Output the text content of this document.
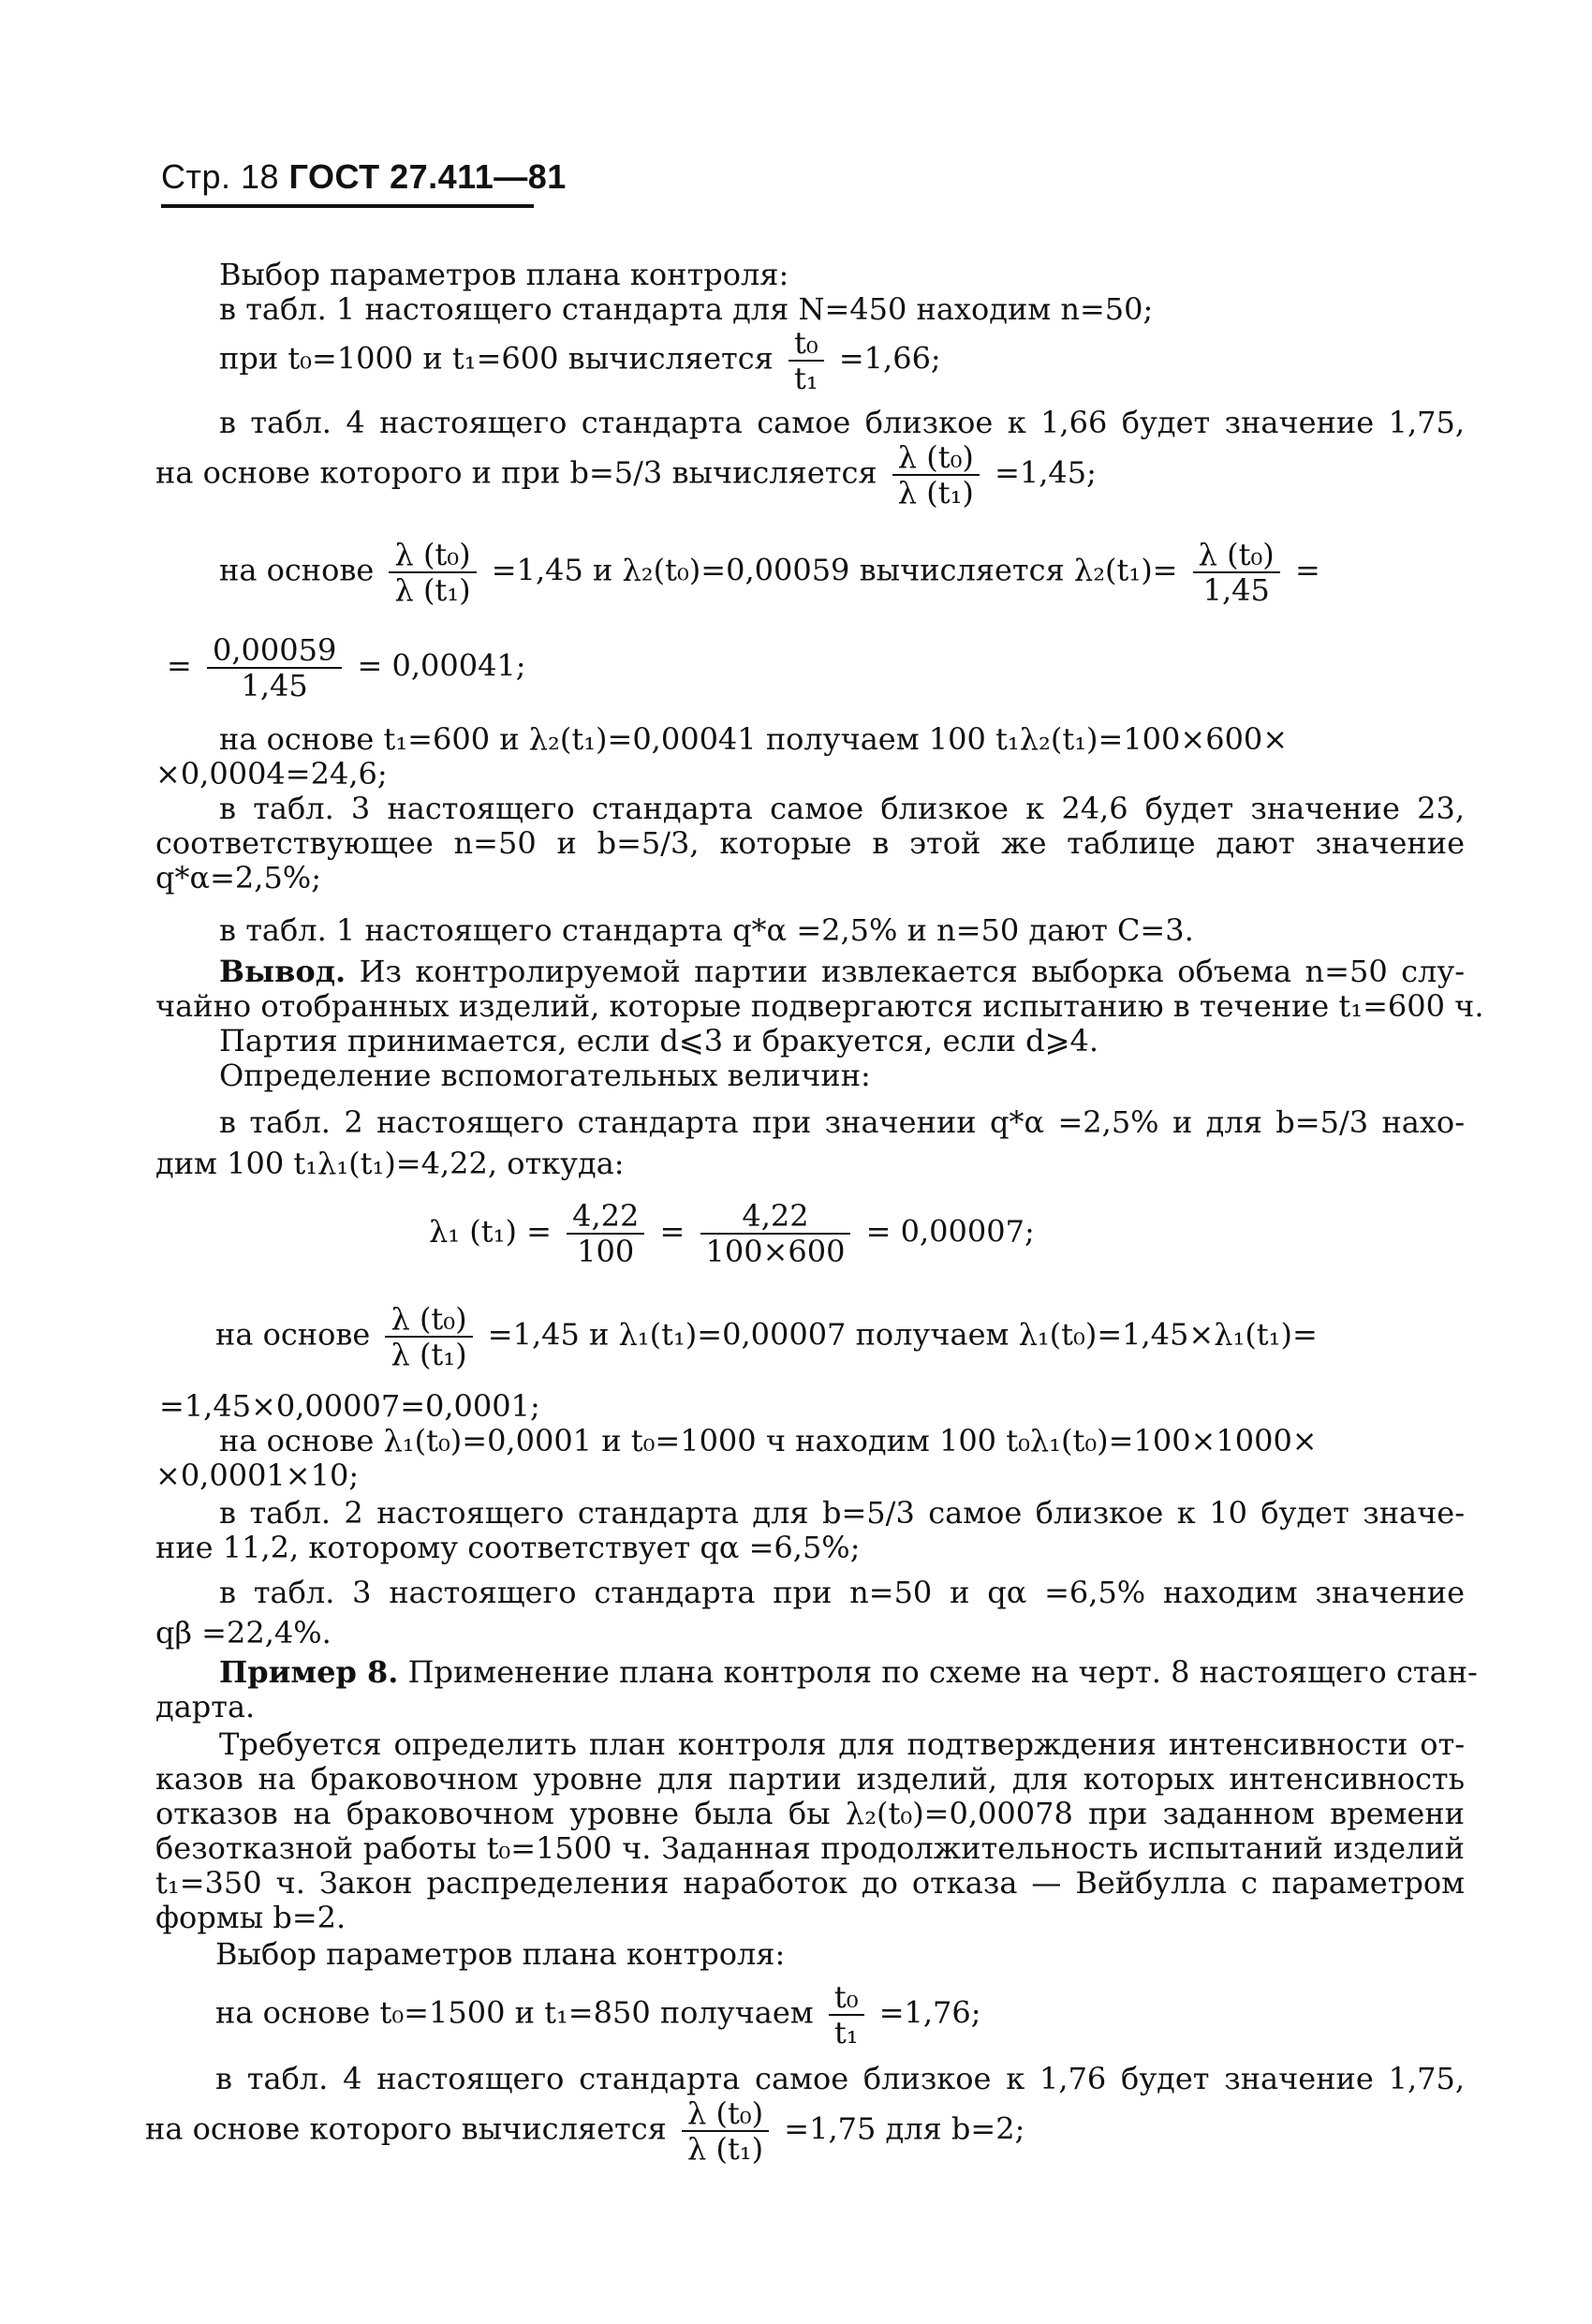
Стр. 18 ГОСТ 27.411—81
Выбор параметров плана контроля:
в табл. 1 настоящего стандарта для N=450 находим n=50;
при t₀=1000 и t₁=600 вычисляется $\frac{\text{t₀}}{\text{t₁}} =1,66$;
в табл. 4 настоящего стандарта самое близкое к 1,66 будет значение 1,75,
на основе которого и при b=5/3 вычисляется $\frac{\text{λ (t₀)}}{\text{λ (t₁)}} =1,45$;
на основе $\frac{\text{λ (t₀)}}{\text{λ (t₁)}} =1,45$ и λ₂(t₀)=0,00059 вычисляется $\lambda_2(t_1)= \frac{\text{λ (t₀)}}{1,45}$ =
= $\frac{0,00059}{1,45} = 0,00041$;
на основе t₁=600 и λ₂(t₁)=0,00041 получаем 100 t₁λ₂(t₁)=100×600×
×0,0004=24,6;
в табл. 3 настоящего стандарта самое близкое к 24,6 будет значение 23,
соответствующее n=50 и b=5/3, которые в этой же таблице дают значение
q*α=2,5%;
в табл. 1 настоящего стандарта q*α =2,5% и n=50 дают C=3.
Вывод. Из контролируемой партии извлекается выборка объема n=50 слу-
чайно отобранных изделий, которые подвергаются испытанию в течение t₁=600 ч.
Партия принимается, если d⩽3 и бракуется, если d⩾4.
Определение вспомогательных величин:
в табл. 2 настоящего стандарта при значении q*α =2,5% и для b=5/3 нахо-
дим 100 t₁λ₁(t₁)=4,22, откуда:
λ₁ $(t_1) = \frac{4,22}{100} = \frac{4,22}{100\times 600} = 0,00007$;
на основе $\frac{\text{λ (t₀)}}{\text{λ (t₁)}} =1,45$ и λ₁(t₁)=0,00007 получаем λ₁(t₀)=1,45×λ₁(t₁)=
=1,45×0,00007=0,0001;
на основе λ₁(t₀)=0,0001 и t₀=1000 ч находим 100 t₀λ₁(t₀)=100×1000×
×0,0001×10;
в табл. 2 настоящего стандарта для b=5/3 самое близкое к 10 будет значе-
ние 11,2, которому соответствует qα =6,5%;
в табл. 3 настоящего стандарта при n=50 и qα =6,5% находим значение
qβ =22,4%.
Пример 8. Применение плана контроля по схеме на черт. 8 настоящего стан-
дарта.
Требуется определить план контроля для подтверждения интенсивности от-
казов на браковочном уровне для партии изделий, для которых интенсивность
отказов на браковочном уровне была бы λ₂(t₀)=0,00078 при заданном времени
безотказной работы t₀=1500 ч. Заданная продолжительность испытаний изделий
t₁=350 ч. Закон распределения наработок до отказа — Вейбулла с параметром
формы b=2.
Выбор параметров плана контроля:
на основе t₀=1500 и t₁=850 получаем $\frac{\text{t₀}}{\text{t₁}} =1,76$;
в табл. 4 настоящего стандарта самое близкое к 1,76 будет значение 1,75,
на основе которого вычисляется $\frac{\text{λ (t₀)}}{\text{λ (t₁)}} =1,75$ для b=2;
